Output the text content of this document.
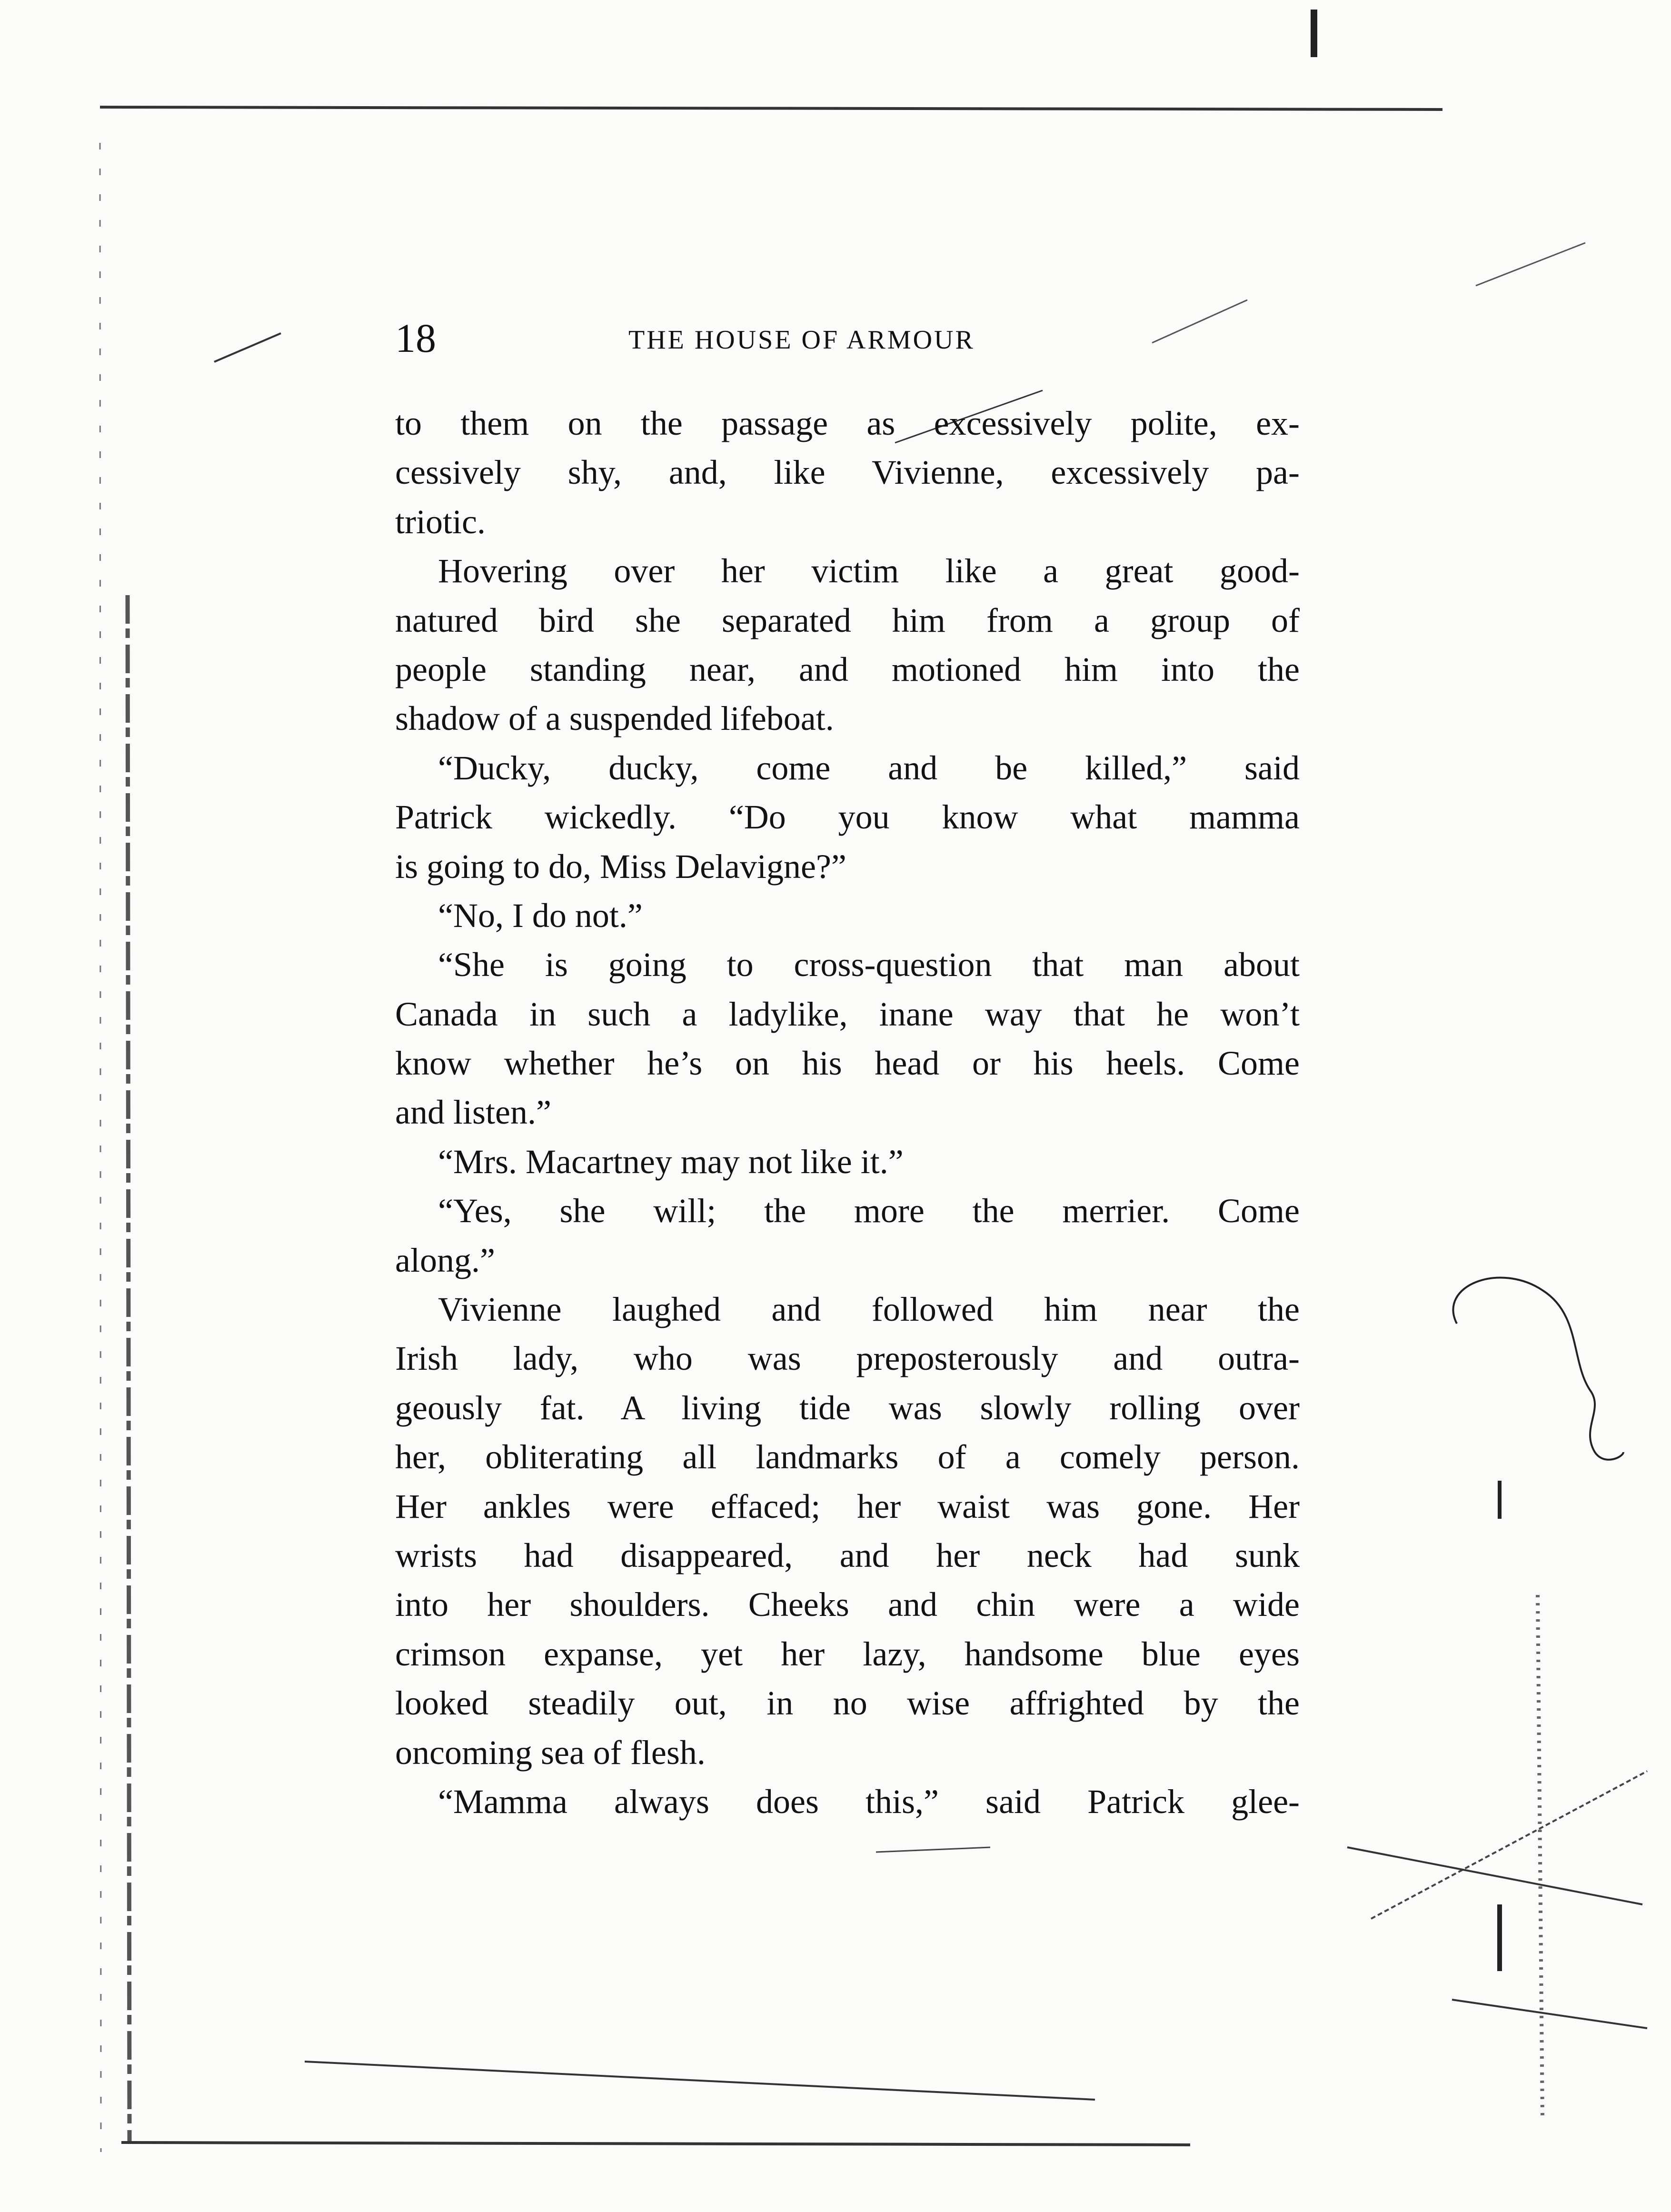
18	THE HOUSE OF ARMOUR
to them on the passage as excessively polite, ex-
cessively shy, and, like Vivienne, excessively pa-
triotic.
Hovering over her victim like a great good-
natured bird she separated him from a group of
people standing near, and motioned him into the
shadow of a suspended lifeboat.
“Ducky, ducky, come and be killed,” said
Patrick wickedly. “Do you know what mamma
is going to do, Miss Delavigne?”
“No, I do not.”
“She is going to cross-question that man about
Canada in such a ladylike, inane way that he won’t
know whether he’s on his head or his heels. Come
and listen.”
“Mrs. Macartney may not like it.”
“Yes, she will; the more the merrier. Come
along.”
Vivienne laughed and followed him near the
Irish lady, who was preposterously and outra-
geously fat. A living tide was slowly rolling over
her, obliterating all landmarks of a comely person.
Her ankles were effaced; her waist was gone. Her
wrists had disappeared, and her neck had sunk
into her shoulders. Cheeks and chin were a wide
crimson expanse, yet her lazy, handsome blue eyes
looked steadily out, in no wise affrighted by the
oncoming sea of flesh.
“Mamma always does this,” said Patrick glee-
